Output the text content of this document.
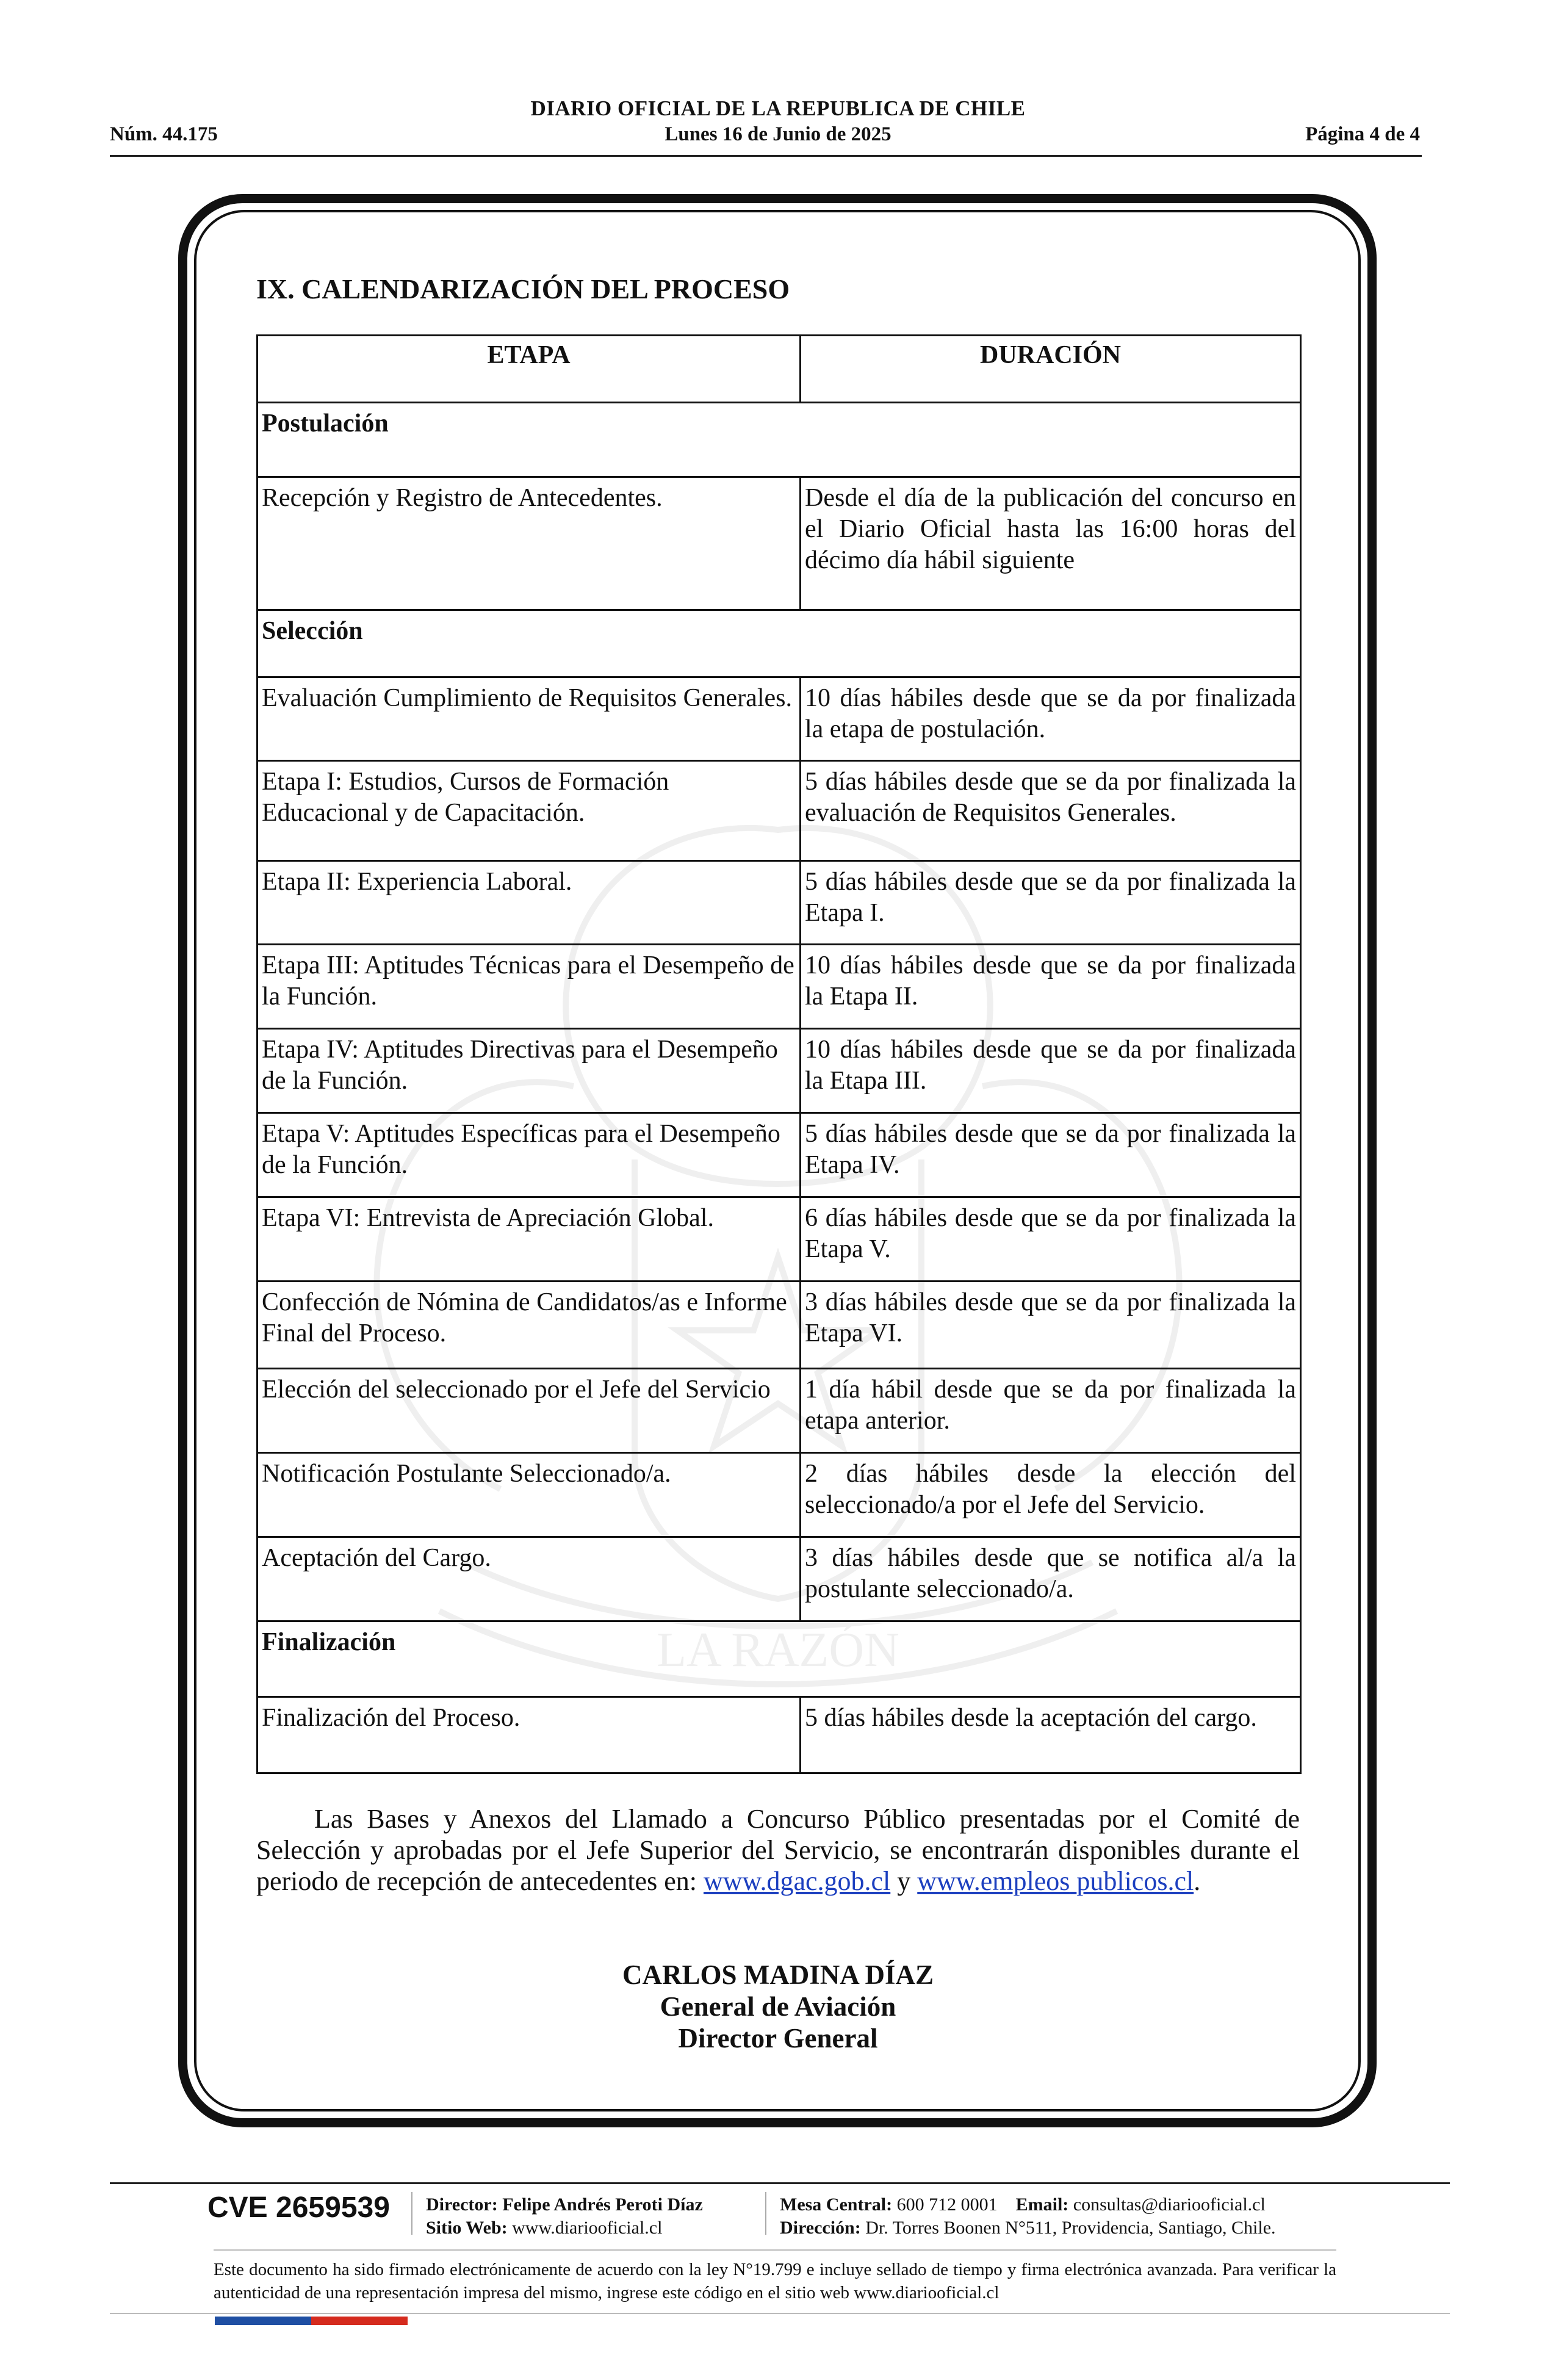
DIARIO OFICIAL DE LA REPUBLICA DE CHILE
Núm. 44.175	Lunes 16 de Junio de 2025	Página 4 de 4
LA RAZÓN
IX. CALENDARIZACIÓN DEL PROCESO
ETAPA	DURACIÓN
Postulación	
Recepción y Registro de Antecedentes.	Desde el día de la publicación del concurso en el Diario Oficial hasta las 16:00 horas del décimo día hábil siguiente
Selección	
Evaluación Cumplimiento de Requisitos Generales.	10 días hábiles desde que se da por finalizada la etapa de postulación.
Etapa I: Estudios, Cursos de Formación Educacional y de Capacitación.	5 días hábiles desde que se da por finalizada la evaluación de Requisitos Generales.
Etapa II: Experiencia Laboral.	5 días hábiles desde que se da por finalizada la Etapa I.
Etapa III: Aptitudes Técnicas para el Desempeño de la Función.	10 días hábiles desde que se da por finalizada la Etapa II.
Etapa IV: Aptitudes Directivas para el Desempeño de la Función.	10 días hábiles desde que se da por finalizada la Etapa III.
Etapa V: Aptitudes Específicas para el Desempeño de la Función.	5 días hábiles desde que se da por finalizada la Etapa IV.
Etapa VI: Entrevista de Apreciación Global.	6 días hábiles desde que se da por finalizada la Etapa V.
Confección de Nómina de Candidatos/as e Informe Final del Proceso.	3 días hábiles desde que se da por finalizada la Etapa VI.
Elección del seleccionado por el Jefe del Servicio	1 día hábil desde que se da por finalizada la etapa anterior.
Notificación Postulante Seleccionado/a.	2 días hábiles desde la elección del seleccionado/a por el Jefe del Servicio.
Aceptación del Cargo.	3 días hábiles desde que se notifica al/a la postulante seleccionado/a.
Finalización	
Finalización del Proceso.	5 días hábiles desde la aceptación del cargo.
Las Bases y Anexos del Llamado a Concurso Público presentadas por el Comité de Selección y aprobadas por el Jefe Superior del Servicio, se encontrarán disponibles durante el periodo de recepción de antecedentes en: www.dgac.gob.cl y www.empleos publicos.cl.
CARLOS MADINA DÍAZ
General de Aviación
Director General
CVE 2659539 Director: Felipe Andrés Peroti Díaz
Sitio Web: www.diariooficial.cl
Mesa Central: 600 712 0001 Email: consultas@diariooficial.cl
Dirección: Dr. Torres Boonen N°511, Providencia, Santiago, Chile.
Este documento ha sido firmado electrónicamente de acuerdo con la ley N°19.799 e incluye sellado de tiempo y firma electrónica avanzada. Para verificar la autenticidad de una representación impresa del mismo, ingrese este código en el sitio web www.diariooficial.cl
